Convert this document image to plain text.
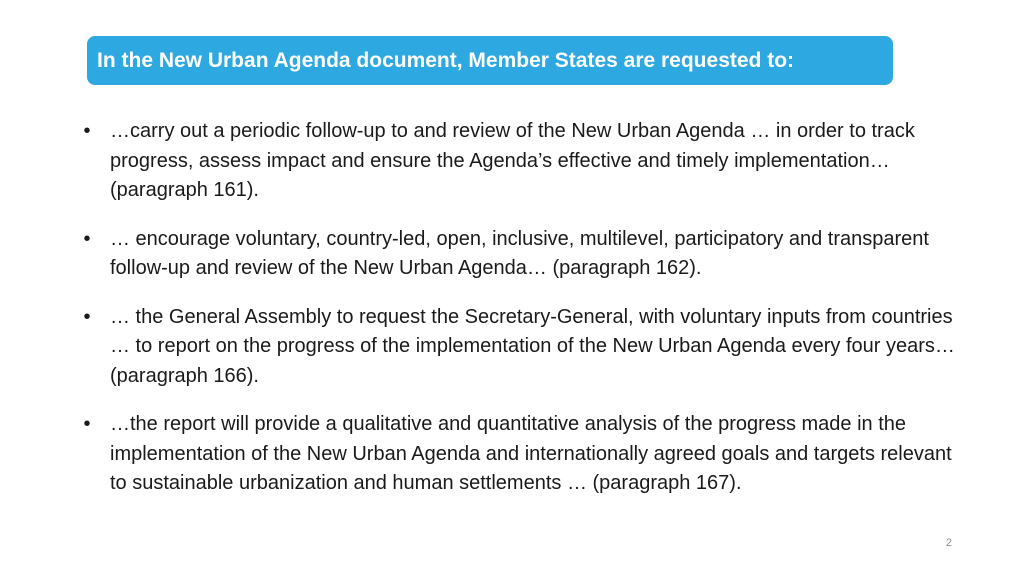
In the New Urban Agenda document, Member States are requested to:
• …carry out a periodic follow-up to and review of the New Urban Agenda … in order to track progress, assess impact and ensure the Agenda’s effective and timely implementation… (paragraph 161).
• … encourage voluntary, country-led, open, inclusive, multilevel, participatory and transparent follow-up and review of the New Urban Agenda… (paragraph 162).
• … the General Assembly to request the Secretary-General, with voluntary inputs from countries … to report on the progress of the implementation of the New Urban Agenda every four years… (paragraph 166).
• …the report will provide a qualitative and quantitative analysis of the progress made in the implementation of the New Urban Agenda and internationally agreed goals and targets relevant to sustainable urbanization and human settlements … (paragraph 167).
2
